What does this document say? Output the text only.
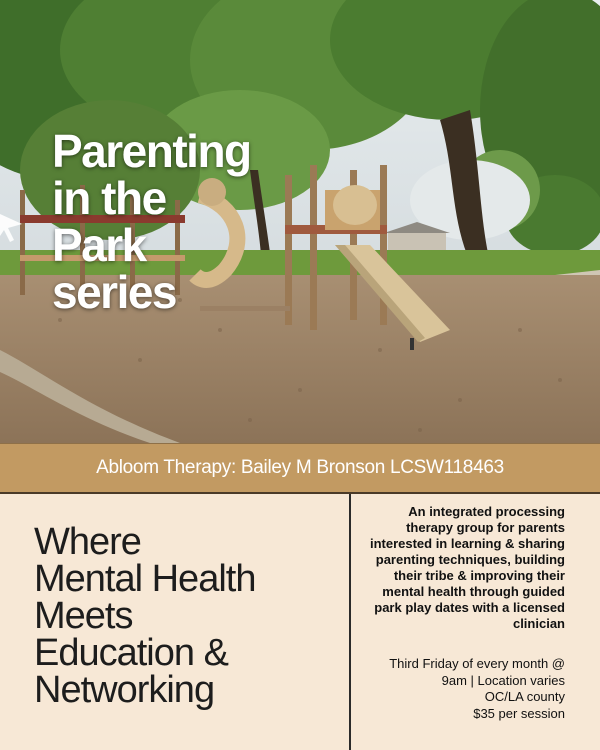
Parenting
in the
Park
series
Abloom Therapy: Bailey M Bronson LCSW118463
Where
Mental Health
Meets
Education &
Networking

An integrated processing therapy group for parents interested in learning & sharing parenting techniques, building their tribe & improving their mental health through guided park play dates with a licensed clinician

Third Friday of every month @ 9am | Location varies
OC/LA county
$35 per session
